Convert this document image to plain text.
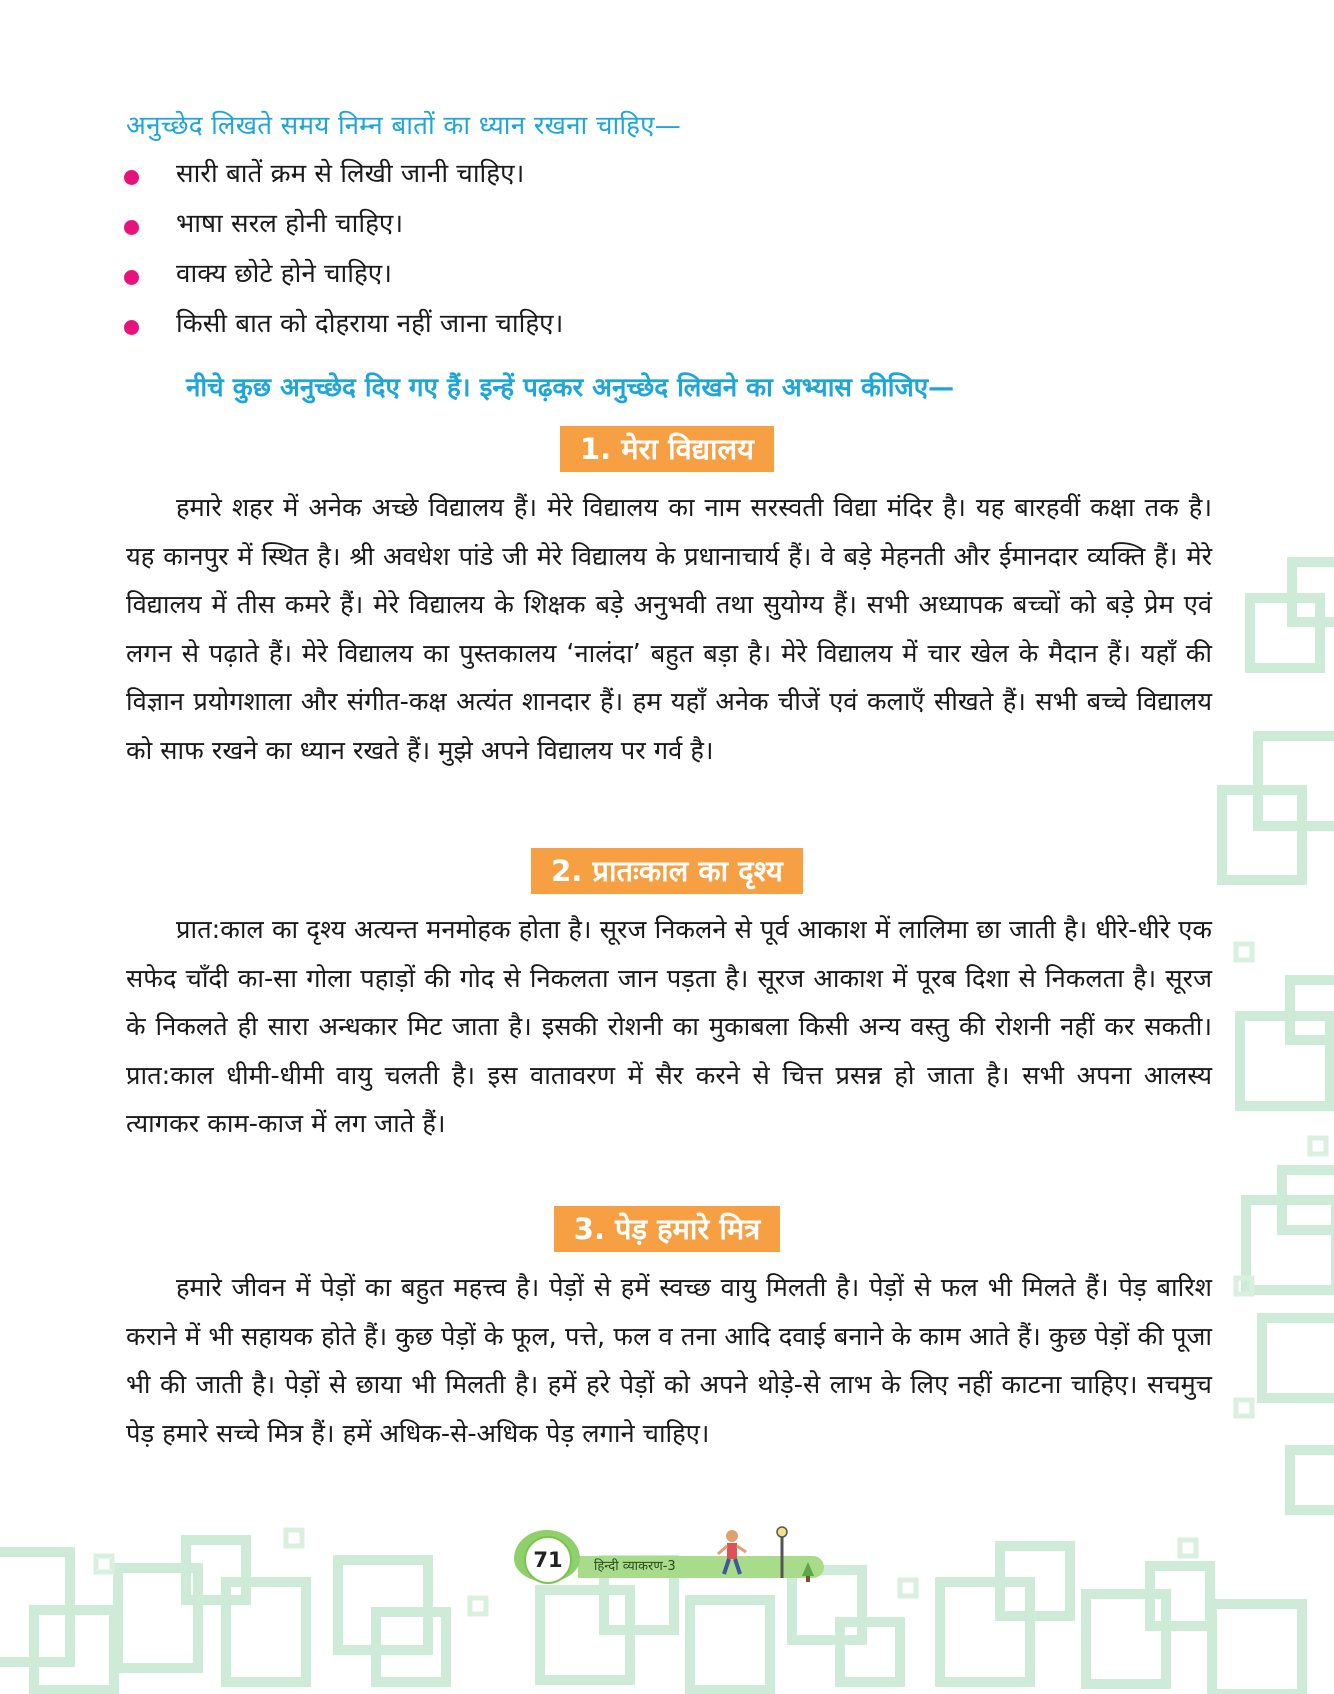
अनुच्छेद लिखते समय निम्न बातों का ध्यान रखना चाहिए—

सारी बातें क्रम से लिखी जानी चाहिए।
भाषा सरल होनी चाहिए।
वाक्य छोटे होने चाहिए।
किसी बात को दोहराया नहीं जाना चाहिए।

नीचे कुछ अनुच्छेद दिए गए हैं। इन्हें पढ़कर अनुच्छेद लिखने का अभ्यास कीजिए—

1. मेरा विद्यालय

हमारे शहर में अनेक अच्छे विद्यालय हैं। मेरे विद्यालय का नाम सरस्वती विद्या मंदिर है। यह बारहवीं कक्षा तक है। यह कानपुर में स्थित है। श्री अवधेश पांडे जी मेरे विद्यालय के प्रधानाचार्य हैं। वे बड़े मेहनती और ईमानदार व्यक्ति हैं। मेरे विद्यालय में तीस कमरे हैं। मेरे विद्यालय के शिक्षक बड़े अनुभवी तथा सुयोग्य हैं। सभी अध्यापक बच्चों को बड़े प्रेम एवं लगन से पढ़ाते हैं। मेरे विद्यालय का पुस्तकालय ‘नालंदा’ बहुत बड़ा है। मेरे विद्यालय में चार खेल के मैदान हैं। यहाँ की विज्ञान प्रयोगशाला और संगीत-कक्ष अत्यंत शानदार हैं। हम यहाँ अनेक चीजें एवं कलाएँ सीखते हैं। सभी बच्चे विद्यालय को साफ रखने का ध्यान रखते हैं। मुझे अपने विद्यालय पर गर्व है।

2. प्रातःकाल का दृश्य

प्रात:काल का दृश्य अत्यन्त मनमोहक होता है। सूरज निकलने से पूर्व आकाश में लालिमा छा जाती है। धीरे-धीरे एक सफेद चाँदी का-सा गोला पहाड़ों की गोद से निकलता जान पड़ता है। सूरज आकाश में पूरब दिशा से निकलता है। सूरज के निकलते ही सारा अन्धकार मिट जाता है। इसकी रोशनी का मुकाबला किसी अन्य वस्तु की रोशनी नहीं कर सकती। प्रात:काल धीमी-धीमी वायु चलती है। इस वातावरण में सैर करने से चित्त प्रसन्न हो जाता है। सभी अपना आलस्य त्यागकर काम-काज में लग जाते हैं।

3. पेड़ हमारे मित्र

हमारे जीवन में पेड़ों का बहुत महत्त्व है। पेड़ों से हमें स्वच्छ वायु मिलती है। पेड़ों से फल भी मिलते हैं। पेड़ बारिश कराने में भी सहायक होते हैं। कुछ पेड़ों के फूल, पत्ते, फल व तना आदि दवाई बनाने के काम आते हैं। कुछ पेड़ों की पूजा भी की जाती है। पेड़ों से छाया भी मिलती है। हमें हरे पेड़ों को अपने थोड़े-से लाभ के लिए नहीं काटना चाहिए। सचमुच पेड़ हमारे सच्चे मित्र हैं। हमें अधिक-से-अधिक पेड़ लगाने चाहिए।

71	हिन्दी व्याकरण-3
